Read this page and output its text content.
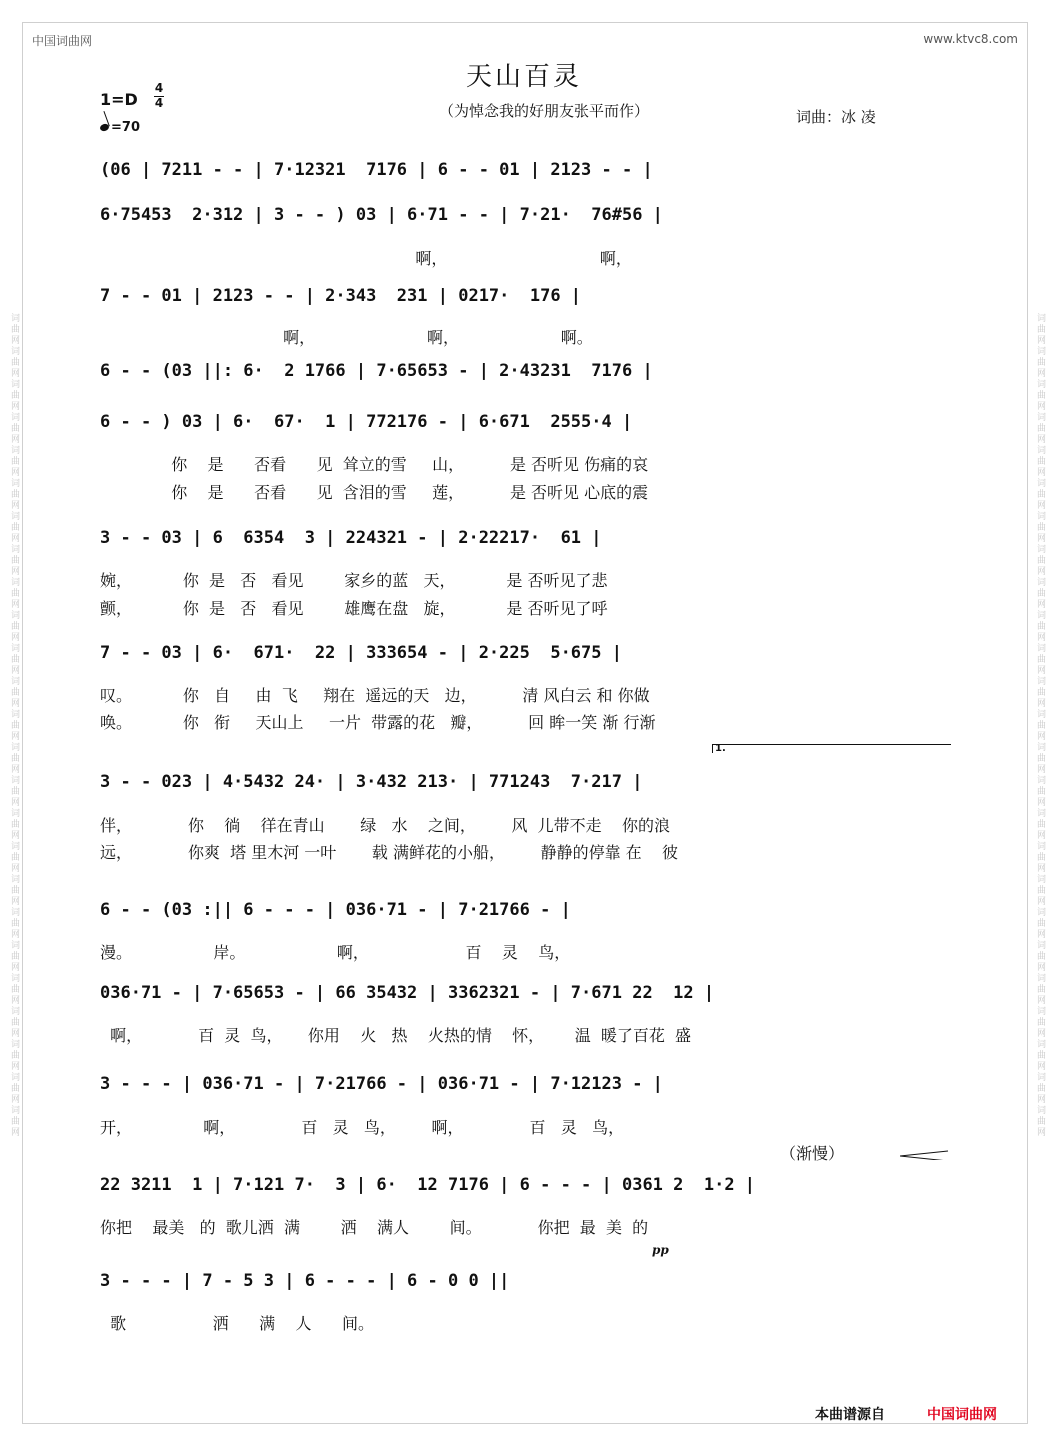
词曲网词曲网词曲网词曲网词曲网词曲网词曲网词曲网词曲网词曲网词曲网词曲网词曲网词曲网词曲网词曲网词曲网词曲网词曲网词曲网词曲网词曲网词曲网词曲网词曲网	词曲网词曲网词曲网词曲网词曲网词曲网词曲网词曲网词曲网词曲网词曲网词曲网词曲网词曲网词曲网词曲网词曲网词曲网词曲网词曲网词曲网词曲网词曲网词曲网词曲网
中国词曲网	www.ktvc8.com
天山百灵
（为悼念我的好朋友张平而作）	词曲：冰 凌
1=D
4
4
=70
(06 | 7211 - - | 7·12321  7176 | 6 - - 01 | 2123 - - |
6·75453  2·312 | 3 - - ) 03 | 6·71 - - | 7·21·  76#56 |
啊，                              啊，
7 - - 01 | 2123 - - | 2·343  231 | 0217·  176 |
啊，                      啊，                    啊。
6 - - (03 ||: 6·  2 1766 | 7·65653 - | 2·43231  7176 |
6 - - ) 03 | 6·  67·  1 | 772176 - | 6·671  2555·4 |
你    是      否看      见  耸立的雪     山，         是 否听见 伤痛的哀
你    是      否看      见  含泪的雪     莲，         是 否听见 心底的震
3 - - 03 | 6  6354  3 | 224321 - | 2·22217·  61 |
婉，          你  是   否   看见        家乡的蓝   天，          是 否听见了悲
颤，          你  是   否   看见        雄鹰在盘   旋，          是 否听见了呼
7 - - 03 | 6·  671·  22 | 333654 - | 2·225  5·675 |
叹。          你   自     由  飞     翔在  遥远的天   边，         清 风白云 和 你做
唤。          你   衔     天山上     一片  带露的花   瓣，         回 眸一笑 渐 行渐
1.
3 - - 023 | 4·5432 24· | 3·432 213· | 771243  7·217 |
伴，           你    徜    徉在青山       绿   水    之间，       风  儿带不走    你的浪
远，           你爽  塔 里木河 一叶       载 满鲜花的小船，       静静的停靠 在    彼
6 - - (03 :|| 6 - - - | 036·71 - | 7·21766 - |
漫。                岸。                  啊，                   百    灵    鸟，
036·71 - | 7·65653 - | 66 35432 | 3362321 - | 7·671 22  12 |
啊，           百  灵  鸟，     你用    火   热    火热的情    怀，      温  暖了百花  盛
3 - - - | 036·71 - | 7·21766 - | 036·71 - | 7·12123 - |
开，              啊，             百   灵   鸟，       啊，             百   灵   鸟，
（渐慢）
22 3211  1 | 7·121 7·  3 | 6·  12 7176 | 6 - - - | 0361 2  1·2 |
你把    最美   的  歌儿洒  满        洒    满人        间。           你把  最  美  的
pp
3 - - - | 7 - 5 3 | 6 - - - | 6 - 0 0 ||
歌                 洒      满    人      间。
本曲谱源自	中国词曲网
